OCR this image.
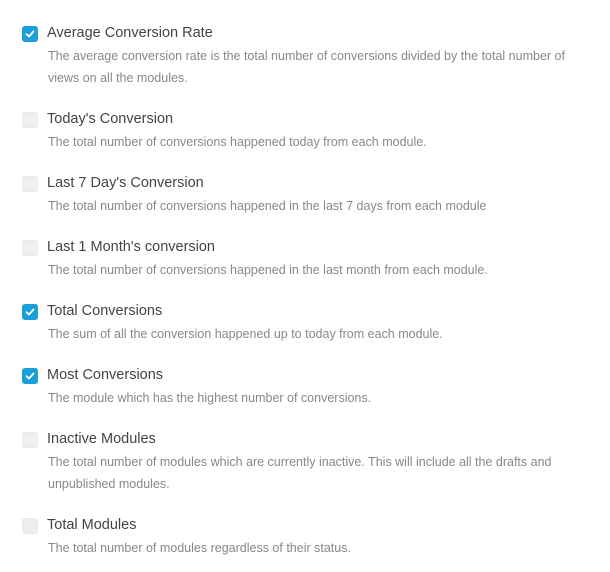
Average Conversion Rate
The average conversion rate is the total number of conversions divided by the total number of views on all the modules.
Today's Conversion
The total number of conversions happened today from each module.
Last 7 Day's Conversion
The total number of conversions happened in the last 7 days from each module
Last 1 Month's conversion
The total number of conversions happened in the last month from each module.
Total Conversions
The sum of all the conversion happened up to today from each module.
Most Conversions
The module which has the highest number of conversions.
Inactive Modules
The total number of modules which are currently inactive. This will include all the drafts and unpublished modules.
Total Modules
The total number of modules regardless of their status.
